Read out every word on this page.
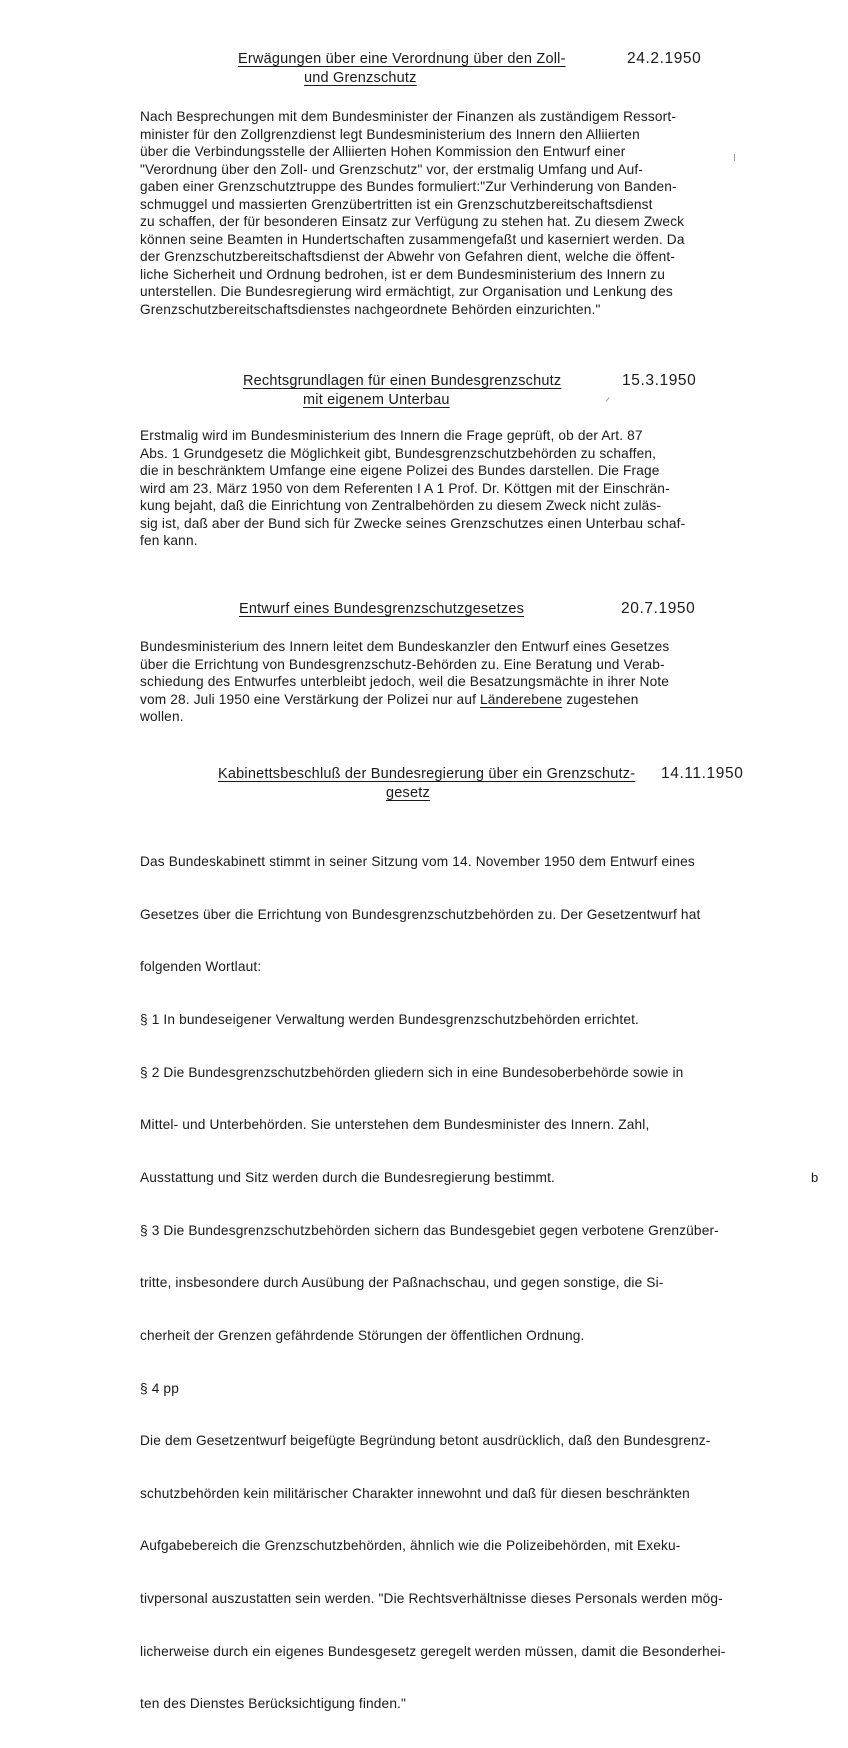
Erwägungen über eine Verordnung über den Zoll-
und Grenzschutz
24.2.1950
Nach Besprechungen mit dem Bundesminister der Finanzen als zuständigem Ressort-
minister für den Zollgrenzdienst legt Bundesministerium des Innern den Alliierten
über die Verbindungsstelle der Alliierten Hohen Kommission den Entwurf einer
"Verordnung über den Zoll- und Grenzschutz" vor, der erstmalig Umfang und Auf-
gaben einer Grenzschutztruppe des Bundes formuliert:"Zur Verhinderung von Banden-
schmuggel und massierten Grenzübertritten ist ein Grenzschutzbereitschaftsdienst
zu schaffen, der für besonderen Einsatz zur Verfügung zu stehen hat. Zu diesem Zweck
können seine Beamten in Hundertschaften zusammengefaßt und kaserniert werden. Da
der Grenzschutzbereitschaftsdienst der Abwehr von Gefahren dient, welche die öffent-
liche Sicherheit und Ordnung bedrohen, ist er dem Bundesministerium des Innern zu
unterstellen. Die Bundesregierung wird ermächtigt, zur Organisation und Lenkung des
Grenzschutzbereitschaftsdienstes nachgeordnete Behörden einzurichten."
Rechtsgrundlagen für einen Bundesgrenzschutz
mit eigenem Unterbau
15.3.1950
Erstmalig wird im Bundesministerium des Innern die Frage geprüft, ob der Art. 87
Abs. 1 Grundgesetz die Möglichkeit gibt, Bundesgrenzschutzbehörden zu schaffen,
die in beschränktem Umfange eine eigene Polizei des Bundes darstellen. Die Frage
wird am 23. März 1950 von dem Referenten I A 1 Prof. Dr. Köttgen mit der Einschrän-
kung bejaht, daß die Einrichtung von Zentralbehörden zu diesem Zweck nicht zuläs-
sig ist, daß aber der Bund sich für Zwecke seines Grenzschutzes einen Unterbau schaf-
fen kann.
Entwurf eines Bundesgrenzschutzgesetzes	20.7.1950
Bundesministerium des Innern leitet dem Bundeskanzler den Entwurf eines Gesetzes
über die Errichtung von Bundesgrenzschutz-Behörden zu. Eine Beratung und Verab-
schiedung des Entwurfes unterbleibt jedoch, weil die Besatzungsmächte in ihrer Note
vom 28. Juli 1950 eine Verstärkung der Polizei nur auf Länderebene zugestehen
wollen.
Kabinettsbeschluß der Bundesregierung über ein Grenzschutz-
gesetz
14.11.1950

Das Bundeskabinett stimmt in seiner Sitzung vom 14. November 1950 dem Entwurf eines

Gesetzes über die Errichtung von Bundesgrenzschutzbehörden zu. Der Gesetzentwurf hat

folgenden Wortlaut:

§ 1 In bundeseigener Verwaltung werden Bundesgrenzschutzbehörden errichtet.

§ 2 Die Bundesgrenzschutzbehörden gliedern sich in eine Bundesoberbehörde sowie in

Mittel- und Unterbehörden. Sie unterstehen dem Bundesminister des Innern. Zahl,

Ausstattung und Sitz werden durch die Bundesregierung bestimmt.

§ 3 Die Bundesgrenzschutzbehörden sichern das Bundesgebiet gegen verbotene Grenzüber-

tritte, insbesondere durch Ausübung der Paßnachschau, und gegen sonstige, die Si-

cherheit der Grenzen gefährdende Störungen der öffentlichen Ordnung.

§ 4 pp

Die dem Gesetzentwurf beigefügte Begründung betont ausdrücklich, daß den Bundesgrenz-

schutzbehörden kein militärischer Charakter innewohnt und daß für diesen beschränkten

Aufgabebereich die Grenzschutzbehörden, ähnlich wie die Polizeibehörden, mit Exeku-

tivpersonal auszustatten sein werden. "Die Rechtsverhältnisse dieses Personals werden mög-

licherweise durch ein eigenes Bundesgesetz geregelt werden müssen, damit die Besonderhei-

ten des Dienstes Berücksichtigung finden."

b
